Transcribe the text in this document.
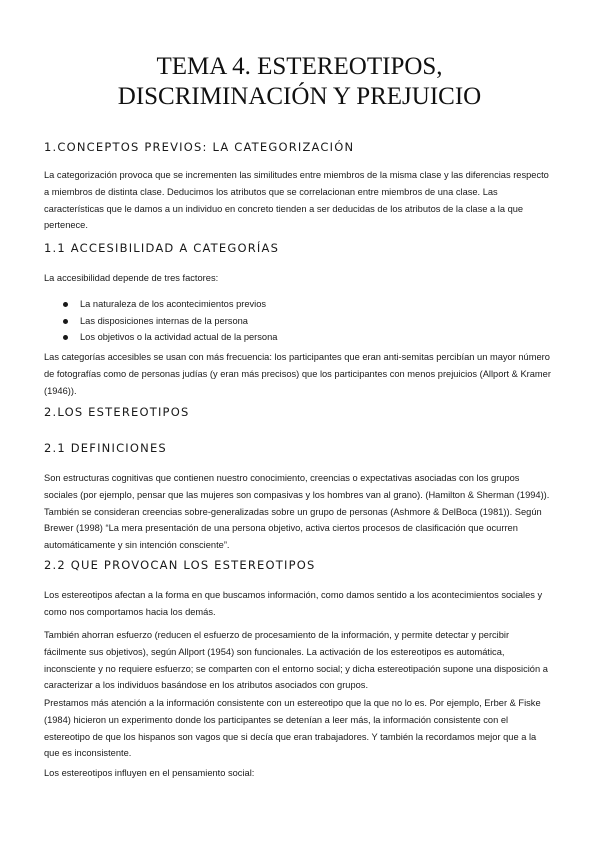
TEMA 4. ESTEREOTIPOS,
DISCRIMINACIÓN Y PREJUICIO
1.CONCEPTOS PREVIOS: LA CATEGORIZACIÓN

La categorización provoca que se incrementen las similitudes entre miembros de la misma clase y las diferencias respecto a miembros de distinta clase. Deducimos los atributos que se correlacionan entre miembros de una clase. Las características que le damos a un individuo en concreto tienden a ser deducidas de los atributos de la clase a la que pertenece.

1.1 ACCESIBILIDAD A CATEGORÍAS

La accesibilidad depende de tres factores:

La naturaleza de los acontecimientos previos
Las disposiciones internas de la persona
Los objetivos o la actividad actual de la persona

Las categorías accesibles se usan con más frecuencia: los participantes que eran anti-semitas percibían un mayor número de fotografías como de personas judías (y eran más precisos) que los participantes con menos prejuicios (Allport & Kramer (1946)).

2.LOS ESTEREOTIPOS
2.1 DEFINICIONES

Son estructuras cognitivas que contienen nuestro conocimiento, creencias o expectativas asociadas con los grupos sociales (por ejemplo, pensar que las mujeres son compasivas y los hombres van al grano). (Hamilton & Sherman (1994)). También se consideran creencias sobre-generalizadas sobre un grupo de personas (Ashmore & DelBoca (1981)). Según Brewer (1998) “La mera presentación de una persona objetivo, activa ciertos procesos de clasificación que ocurren automáticamente y sin intención consciente”.

2.2 QUE PROVOCAN LOS ESTEREOTIPOS

Los estereotipos afectan a la forma en que buscamos información, como damos sentido a los acontecimientos sociales y como nos comportamos hacia los demás.

También ahorran esfuerzo (reducen el esfuerzo de procesamiento de la información, y permite detectar y percibir fácilmente sus objetivos), según Allport (1954) son funcionales. La activación de los estereotipos es automática, inconsciente y no requiere esfuerzo; se comparten con el entorno social; y dicha estereotipación supone una disposición a caracterizar a los individuos basándose en los atributos asociados con grupos.

Prestamos más atención a la información consistente con un estereotipo que la que no lo es. Por ejemplo, Erber & Fiske (1984) hicieron un experimento donde los participantes se detenían a leer más, la información consistente con el estereotipo de que los hispanos son vagos que si decía que eran trabajadores. Y también la recordamos mejor que a la que es inconsistente.

Los estereotipos influyen en el pensamiento social:
